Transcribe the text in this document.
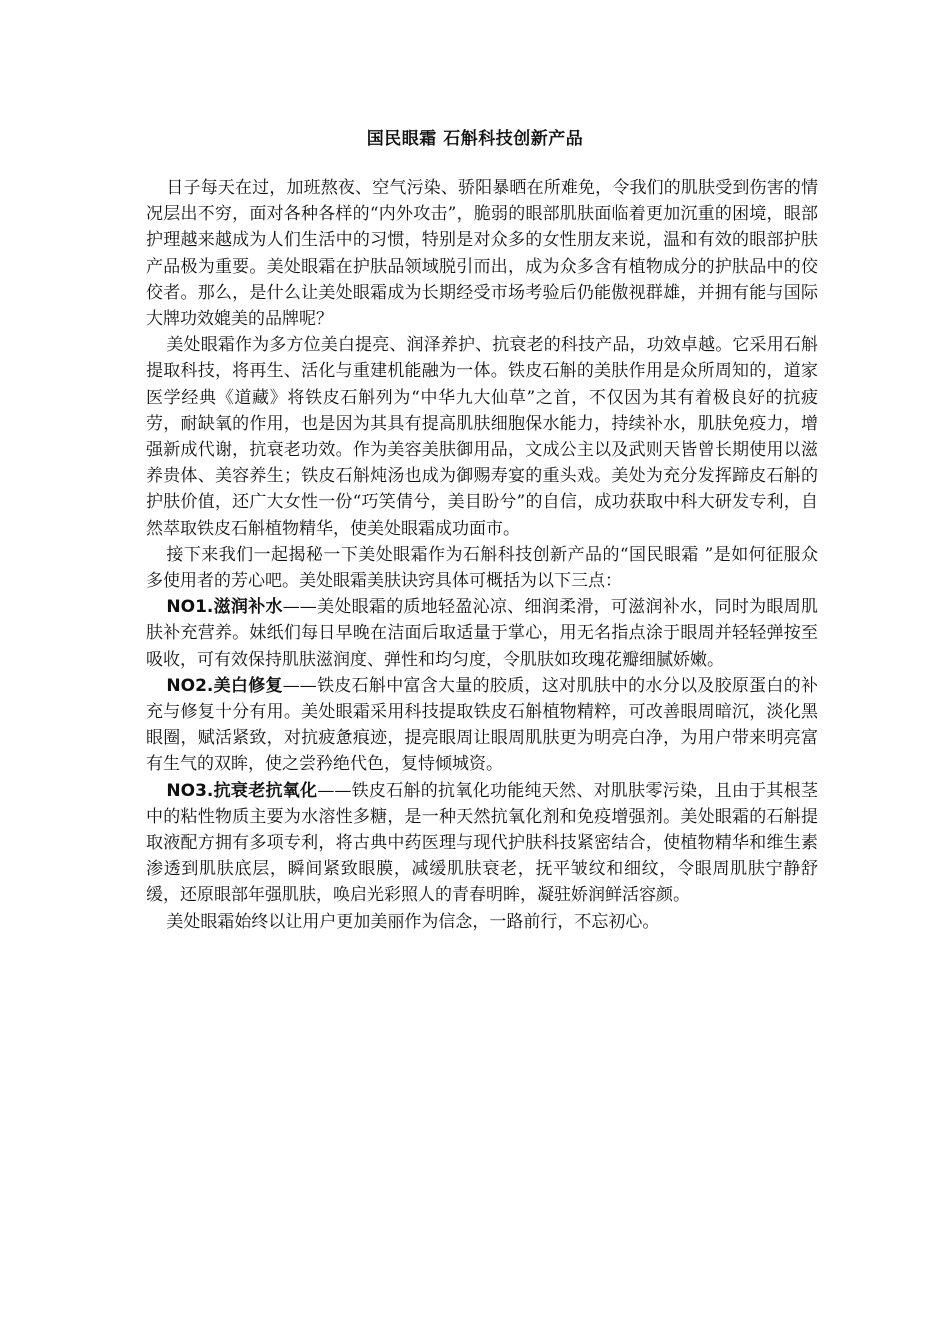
国民眼霜 石斛科技创新产品

日子每天在过，加班熬夜、空气污染、骄阳暴晒在所难免，令我们的肌肤受到伤害的情况层出不穷，面对各种各样的“内外攻击”，脆弱的眼部肌肤面临着更加沉重的困境，眼部护理越来越成为人们生活中的习惯，特别是对众多的女性朋友来说，温和有效的眼部护肤产品极为重要。美处眼霜在护肤品领域脱引而出，成为众多含有植物成分的护肤品中的佼佼者。那么，是什么让美处眼霜成为长期经受市场考验后仍能傲视群雄，并拥有能与国际大牌功效媲美的品牌呢？

美处眼霜作为多方位美白提亮、润泽养护、抗衰老的科技产品，功效卓越。它采用石斛提取科技，将再生、活化与重建机能融为一体。铁皮石斛的美肤作用是众所周知的，道家医学经典《道藏》将铁皮石斛列为“中华九大仙草”之首，不仅因为其有着极良好的抗疲劳，耐缺氧的作用，也是因为其具有提高肌肤细胞保水能力，持续补水，肌肤免疫力，增强新成代谢，抗衰老功效。作为美容美肤御用品，文成公主以及武则天皆曾长期使用以滋养贵体、美容养生；铁皮石斛炖汤也成为御赐寿宴的重头戏。美处为充分发挥蹄皮石斛的护肤价值，还广大女性一份“巧笑倩兮，美目盼兮”的自信，成功获取中科大研发专利，自然萃取铁皮石斛植物精华，使美处眼霜成功面市。

接下来我们一起揭秘一下美处眼霜作为石斛科技创新产品的“国民眼霜 ”是如何征服众多使用者的芳心吧。美处眼霜美肤诀窍具体可概括为以下三点：

NO1.滋润补水——美处眼霜的质地轻盈沁凉、细润柔滑，可滋润补水，同时为眼周肌肤补充营养。妹纸们每日早晚在洁面后取适量于掌心，用无名指点涂于眼周并轻轻弹按至吸收，可有效保持肌肤滋润度、弹性和均匀度，令肌肤如玫瑰花瓣细腻娇嫩。

NO2.美白修复——铁皮石斛中富含大量的胶质，这对肌肤中的水分以及胶原蛋白的补充与修复十分有用。美处眼霜采用科技提取铁皮石斛植物精粹，可改善眼周暗沉，淡化黑眼圈，赋活紧致，对抗疲惫痕迹，提亮眼周让眼周肌肤更为明亮白净，为用户带来明亮富有生气的双眸，使之尝矜绝代色，复恃倾城资。

NO3.抗衰老抗氧化——铁皮石斛的抗氧化功能纯天然、对肌肤零污染，且由于其根茎中的粘性物质主要为水溶性多糖，是一种天然抗氧化剂和免疫增强剂。美处眼霜的石斛提取液配方拥有多项专利，将古典中药医理与现代护肤科技紧密结合，使植物精华和维生素渗透到肌肤底层，瞬间紧致眼膜，减缓肌肤衰老，抚平皱纹和细纹，令眼周肌肤宁静舒缓，还原眼部年强肌肤，唤启光彩照人的青春明眸，凝驻娇润鲜活容颜。

美处眼霜始终以让用户更加美丽作为信念，一路前行，不忘初心。
